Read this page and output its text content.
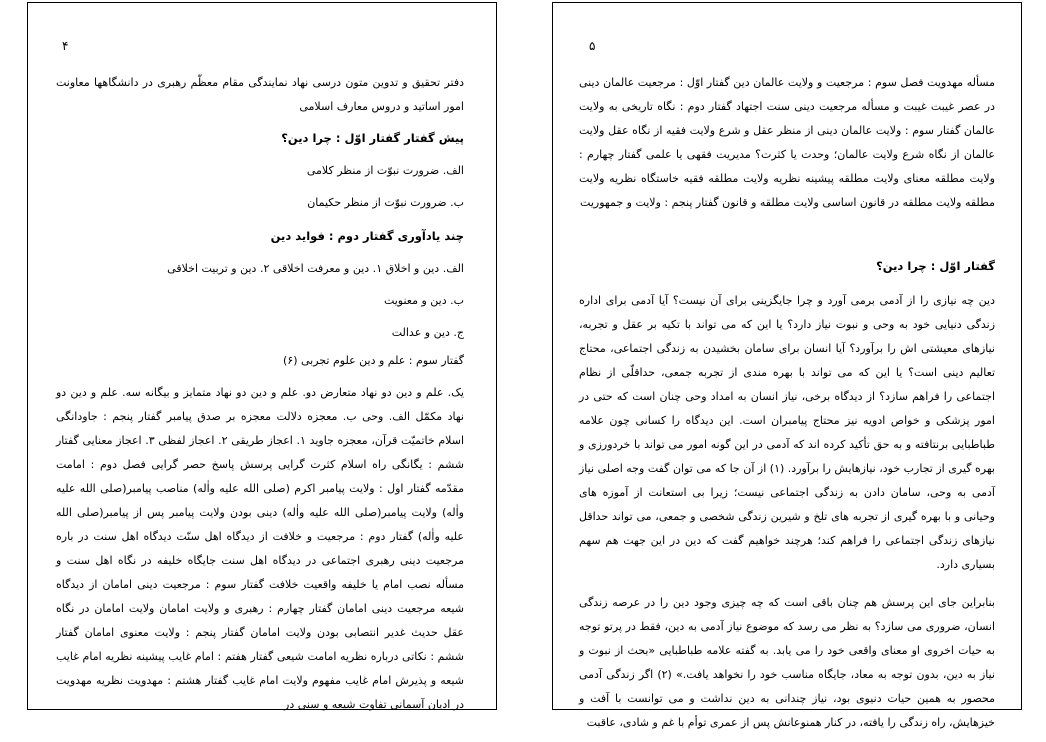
۴

دفتر تحقیق و تدوین متون درسی نهاد نمایندگی مقام معظّم رهبری در دانشگاهها معاونت امور اساتید و دروس معارف اسلامی

پیش گفتار گفتار اوّل : چرا دین؟

الف. ضرورت نبوّت از منظر کلامی

ب. ضرورت نبوّت از منظر حکیمان

چند یادآوری گفتار دوم : فواید دین

الف. دین و اخلاق ۱. دین و معرفت اخلاقی ۲. دین و تربیت اخلاقی

ب. دین و معنویت

ج. دین و عدالت

گفتار سوم : علم و دین علوم تجربی (۶)

یک. علم و دین دو نهاد متعارض دو. علم و دین دو نهاد متمایز و بیگانه سه. علم و دین دو نهاد مکمّل الف. وحی ب. معجزه دلالت معجزه بر صدق پیامبر گفتار پنجم : جاودانگی اسلام خاتمیّت قرآن، معجزه جاوید ۱. اعجاز طریقی ۲. اعجاز لفظی ۳. اعجاز معنایی گفتار ششم : یگانگی راه اسلام کثرت گرایی پرسش پاسخ حصر گرایی فصل دوم : امامت مقدّمه گفتار اول : ولایت پیامبر اکرم (صلی الله علیه واٰله) مناصب پیامبر(صلی الله علیه واٰله) ولایت پیامبر(صلی الله علیه واٰله) دینی بودن ولایت پیامبر پس از پیامبر(صلی الله علیه واٰله) گفتار دوم : مرجعیت و خلافت از دیدگاه اهل سنّت دیدگاه اهل سنت در باره مرجعیت دینی رهبری اجتماعی در دیدگاه اهل سنت جایگاه خلیفه در نگاه اهل سنت و مسأله نصب امام یا خلیفه واقعیت خلافت گفتار سوم : مرجعیت دینی امامان از دیدگاه شیعه مرجعیت دینی امامان گفتار چهارم : رهبری و ولایت امامان ولایت امامان در نگاه عقل حدیث غدیر انتصابی بودن ولایت امامان گفتار پنجم : ولایت معنوی امامان گفتار ششم : نکاتی درباره نظریه امامت شیعی گفتار هفتم : امام غایب پیشینه نظریه امام غایب شیعه و پذیرش امام غایب مفهوم ولایت امام غایب گفتار هشتم : مهدویت نظریه مهدویت در ادیان آسمانی تفاوت شیعه و سنی در

۵

مسأله مهدویت فصل سوم : مرجعیت و ولایت عالمان دین گفتار اوّل : مرجعیت عالمان دینی در عصر غیبت غیبت و مسأله مرجعیت دینی سنت اجتهاد گفتار دوم : نگاه تاریخی به ولایت عالمان گفتار سوم : ولایت عالمان دینی از منظر عقل و شرع ولایت فقیه از نگاه عقل ولایت عالمان از نگاه شرع ولایت عالمان؛ وحدت یا کثرت؟ مدیریت فقهی یا علمی گفتار چهارم : ولایت مطلقه معنای ولایت مطلقه پیشینه نظریه ولایت مطلقه فقیه خاستگاه نظریه ولایت مطلقه ولایت مطلقه در قانون اساسی ولایت مطلقه و قانون گفتار پنجم : ولایت و جمهوریت

گفتار اوّل : چرا دین؟

دین چه نیازی را از آدمی برمی آورد و چرا جایگزینی برای آن نیست؟ آیا آدمی برای اداره زندگی دنیایی خود به وحی و نبوت نیاز دارد؟ یا این که می تواند با تکیه بر عقل و تجربه، نیازهای معیشتی اش را برآورد؟ آیا انسان برای سامان بخشیدن به زندگی اجتماعی، محتاج تعالیم دینی است؟ یا این که می تواند با بهره مندی از تجربه جمعی، حداقلّی از نظام اجتماعی را فراهم سازد؟ از دیدگاه برخی، نیاز انسان به امداد وحی چنان است که حتی در امور پزشکی و خواص ادویه نیز محتاج پیامبران است. این دیدگاه را کسانی چون علامه طباطبایی برنتافته و به حق تأکید کرده اند که آدمی در این گونه امور می تواند با خردورزی و بهره گیری از تجارب خود، نیازهایش را برآورد. (۱) از آن جا که می توان گفت وجه اصلی نیاز آدمی به وحی، سامان دادن به زندگی اجتماعی نیست؛ زیرا بی استعانت از آموزه های وحیانی و با بهره گیری از تجربه های تلخ و شیرین زندگی شخصی و جمعی، می تواند حداقل نیازهای زندگی اجتماعی را فراهم کند؛ هرچند خواهیم گفت که دین در این جهت هم سهم بسیاری دارد.

بنابراین جای این پرسش هم چنان باقی است که چه چیزی وجود دین را در عرصه زندگی انسان، ضروری می سازد؟ به نظر می رسد که موضوع نیاز آدمی به دین، فقط در پرتو توجه به حیات اخروی او معنای واقعی خود را می یابد. به گفته علامه طباطبایی «بحث از نبوت و نیاز به دین، بدون توجه به معاد، جایگاه مناسب خود را نخواهد یافت.» (۲) اگر زندگی آدمی محصور به همین حیات دنیوی بود، نیاز چندانی به دین نداشت و می توانست با آفت و خیزهایش، راه زندگی را یافته، در کنار همنوعانش پس از عمری توأم با غم و شادی، عاقبت
